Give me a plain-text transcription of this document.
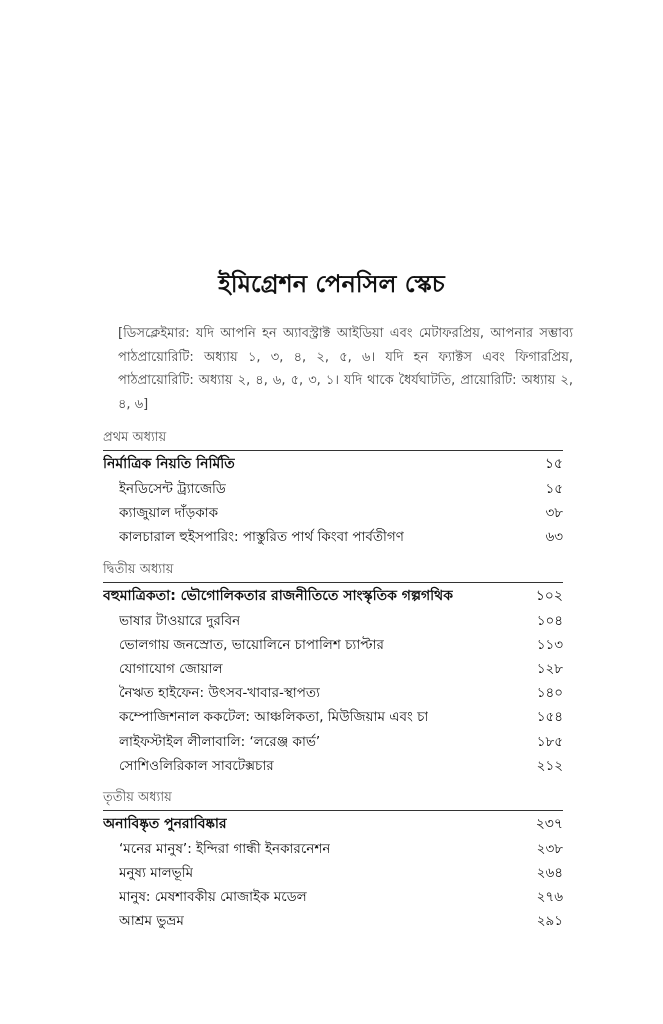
ইমিগ্রেশন পেনসিল স্কেচ
[ডিসক্লেইমার: যদি আপনি হন অ্যাবস্ট্রাক্ট আইডিয়া এবং মেটাফরপ্রিয়, আপনার সম্ভাব্য পাঠপ্রায়োরিটি: অধ্যায় ১, ৩, ৪, ২, ৫, ৬। যদি হন ফ্যাক্টস এবং ফিগারপ্রিয়, পাঠপ্রায়োরিটি: অধ্যায় ২, ৪, ৬, ৫, ৩, ১। যদি থাকে ধৈর্যঘাটতি, প্রায়োরিটি: অধ্যায় ২, ৪, ৬]
প্রথম অধ্যায়
নির্মাত্রিক নিয়তি নির্মিতি	১৫
ইনডিসেন্ট ট্র্যাজেডি	১৫
ক্যাজুয়াল দাঁড়কাক	৩৮
কালচারাল হুইসপারিং: পাস্তুরিত পার্থ কিংবা পার্বতীগণ	৬৩
দ্বিতীয় অধ্যায়
বহুমাত্রিকতা: ভৌগোলিকতার রাজনীতিতে সাংস্কৃতিক গল্পগথিক	১০২
ভাষার টাওয়ারে দুরবিন	১০৪
ভোলগায় জনস্রোত, ভায়োলিনে চাপালিশ চ্যাপ্টার	১১৩
যোগাযোগ জোয়াল	১২৮
নৈঋত হাইফেন: উৎসব-খাবার-স্থাপত্য	১৪০
কম্পোজিশনাল ককটেল: আঞ্চলিকতা, মিউজিয়াম এবং চা	১৫৪
লাইফস্টাইল লীলাবালি: ‘লরেঞ্জ কার্ভ’	১৮৫
সোশিওলিরিকাল সাবটেক্সচার	২১২
তৃতীয় অধ্যায়
অনাবিষ্কৃত পুনরাবিষ্কার	২৩৭
‘মনের মানুষ’: ইন্দিরা গান্ধী ইনকারনেশন	২৩৮
মনুষ্য মালভূমি	২৬৪
মানুষ: মেষশাবকীয় মোজাইক মডেল	২৭৬
আশ্রম ভুভ্রম	২৯১
